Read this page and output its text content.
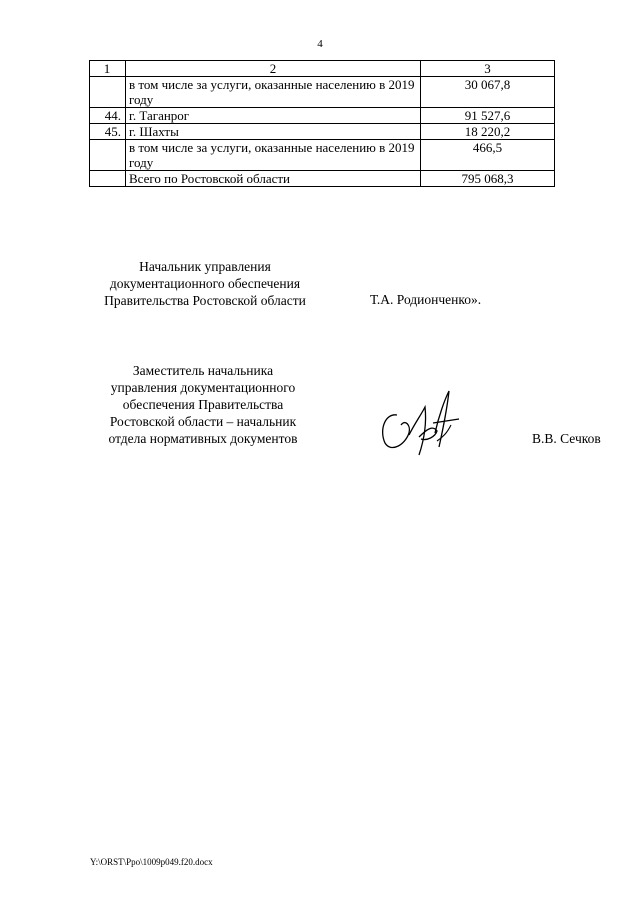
4
1	2	3
	в том числе за услуги, оказанные населению в 2019 году	30 067,8
44.	г. Таганрог	91 527,6
45.	г. Шахты	18 220,2
	в том числе за услуги, оказанные населению в 2019 году	466,5
	Всего по Ростовской области	795 068,3
Начальник управления
документационного обеспечения
Правительства Ростовской области	Т.А. Родионченко».
Заместитель начальника
управления документационного
обеспечения Правительства
Ростовской области – начальник
отдела нормативных документов	В.В. Сечков
Y:\ORST\Ppo\1009p049.f20.docx
